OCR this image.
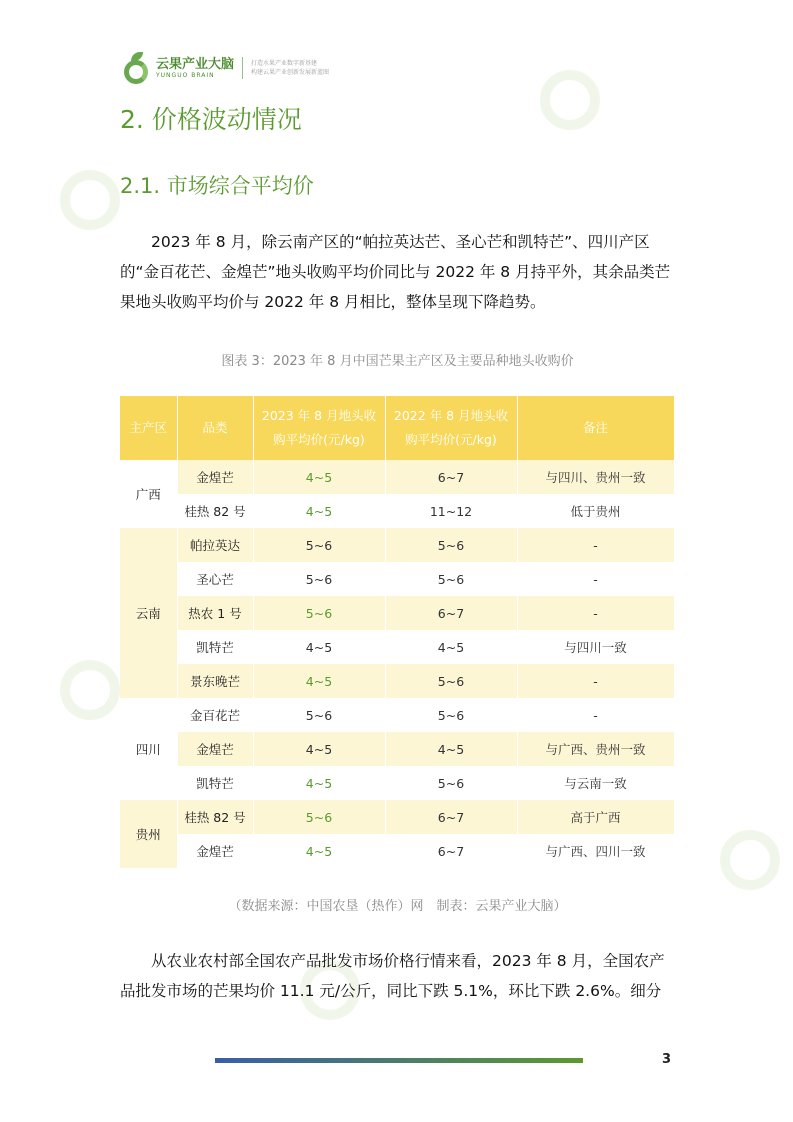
云果产业大脑
YUNGUO BRAIN
打造水果产业数字新基建
构建云果产业创新发展新蓝图
2. 价格波动情况
2.1. 市场综合平均价
2023 年 8 月，除云南产区的“帕拉英达芒、圣心芒和凯特芒”、四川产区的“金百花芒、金煌芒”地头收购平均价同比与 2022 年 8 月持平外，其余品类芒果地头收购平均价与 2022 年 8 月相比，整体呈现下降趋势。
图表 3：2023 年 8 月中国芒果主产区及主要品种地头收购价
主产区	品类	2023 年 8 月地头收购平均价(元/kg)	2022 年 8 月地头收购平均价(元/kg)	备注
广西	金煌芒	4~5	6~7	与四川、贵州一致
	桂热 82 号	4~5	11~12	低于贵州
云南	帕拉英达	5~6	5~6	-
	圣心芒	5~6	5~6	-
	热农 1 号	5~6	6~7	-
	凯特芒	4~5	4~5	与四川一致
	景东晚芒	4~5	5~6	-
四川	金百花芒	5~6	5~6	-
	金煌芒	4~5	4~5	与广西、贵州一致
	凯特芒	4~5	5~6	与云南一致
贵州	桂热 82 号	5~6	6~7	高于广西
	金煌芒	4~5	6~7	与广西、四川一致
（数据来源：中国农垦（热作）网　制表：云果产业大脑）
从农业农村部全国农产品批发市场价格行情来看，2023 年 8 月，全国农产品批发市场的芒果均价 11.1 元/公斤，同比下跌 5.1%，环比下跌 2.6%。细分
3
